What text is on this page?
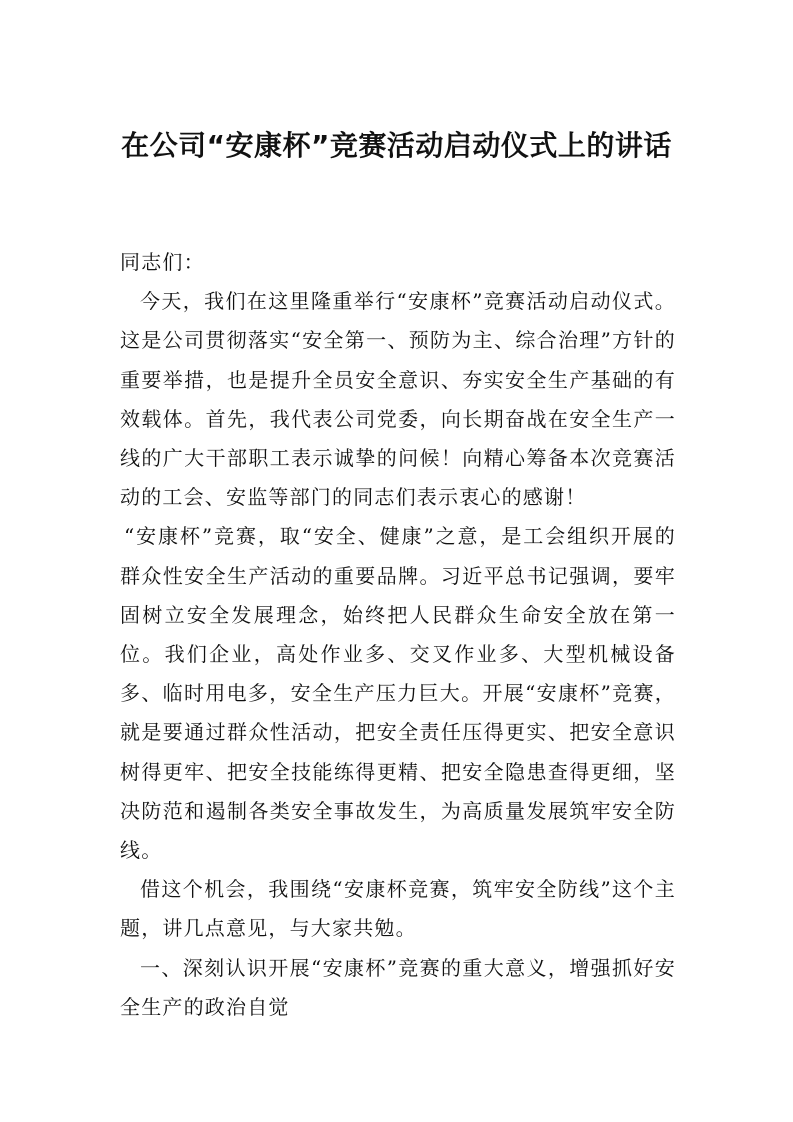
在公司“安康杯”竞赛活动启动仪式上的讲话

同志们：

今天，我们在这里隆重举行“安康杯”竞赛活动启动仪式。这是公司贯彻落实“安全第一、预防为主、综合治理”方针的重要举措，也是提升全员安全意识、夯实安全生产基础的有效载体。首先，我代表公司党委，向长期奋战在安全生产一线的广大干部职工表示诚挚的问候！向精心筹备本次竞赛活动的工会、安监等部门的同志们表示衷心的感谢！

“安康杯”竞赛，取“安全、健康”之意，是工会组织开展的群众性安全生产活动的重要品牌。习近平总书记强调，要牢固树立安全发展理念，始终把人民群众生命安全放在第一位。我们企业，高处作业多、交叉作业多、大型机械设备多、临时用电多，安全生产压力巨大。开展“安康杯”竞赛，就是要通过群众性活动，把安全责任压得更实、把安全意识树得更牢、把安全技能练得更精、把安全隐患查得更细，坚决防范和遏制各类安全事故发生，为高质量发展筑牢安全防线。

借这个机会，我围绕“安康杯竞赛，筑牢安全防线”这个主题，讲几点意见，与大家共勉。

一、深刻认识开展“安康杯”竞赛的重大意义，增强抓好安全生产的政治自觉
